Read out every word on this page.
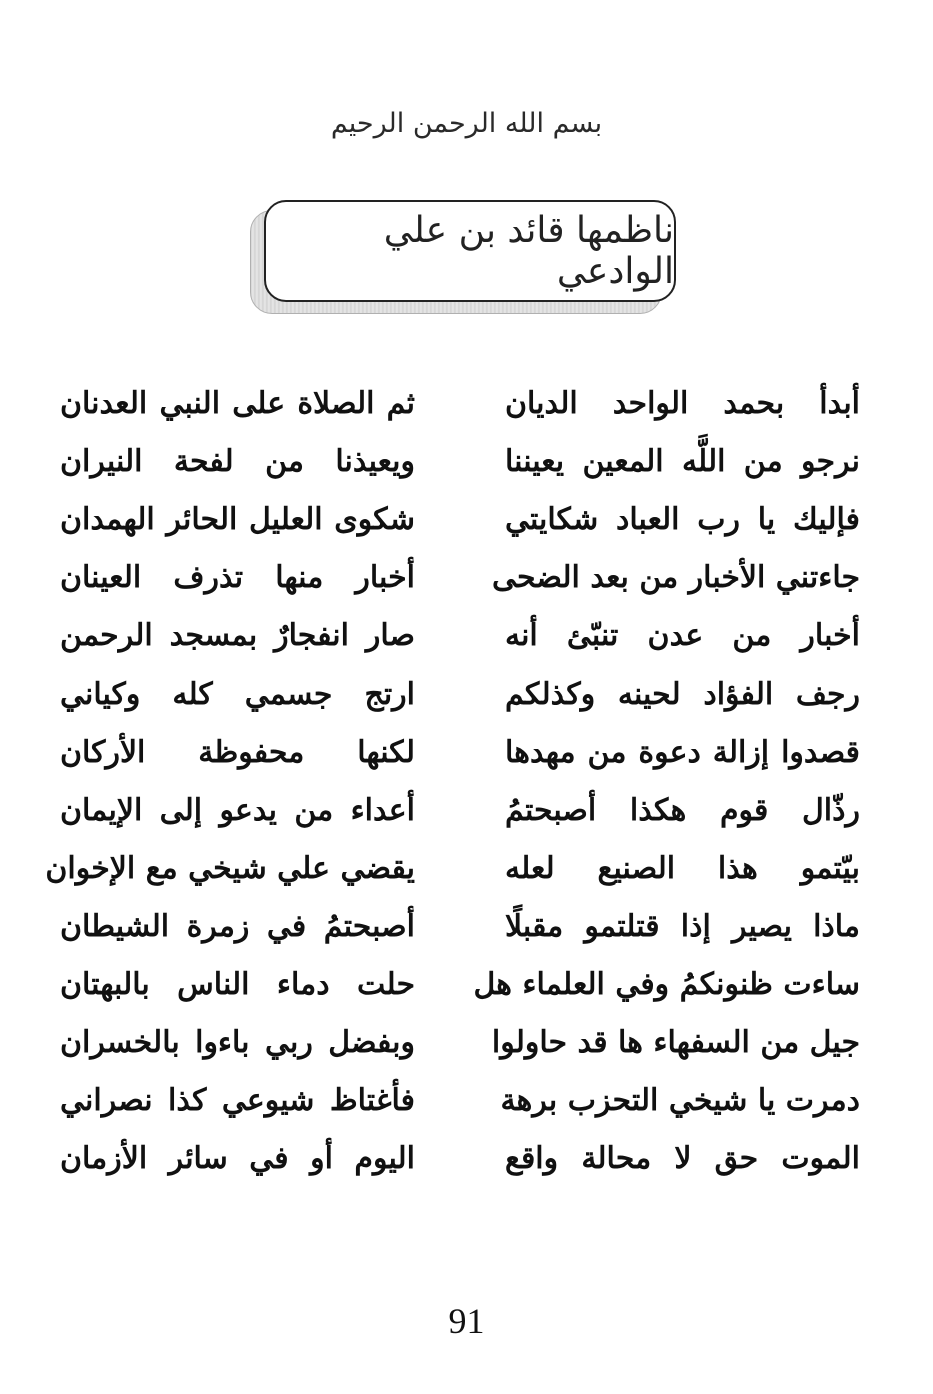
بسم الله الرحمن الرحيم
ناظمها قائد بن علي الوادعي
أبدأ بحمد الواحد الديان
ثم الصلاة على النبي العدنان
نرجو من اللَّه المعين يعيننا
ويعيذنا من لفحة النيران
فإليك يا رب العباد شكايتي
شكوى العليل الحائر الهمدان
جاءتني الأخبار من بعد الضحى
أخبار منها تذرف العينان
أخبار من عدن تنبّئ أنه
صار انفجارٌ بمسجد الرحمن
رجف الفؤاد لحينه وكذلكم
ارتج جسمي كله وكياني
قصدوا إزالة دعوة من مهدها
لكنها محفوظة الأركان
رذّال قوم هكذا أصبحتمُ
أعداء من يدعو إلى الإيمان
بيّتمو هذا الصنيع لعله
يقضي علي شيخي مع الإخوان
ماذا يصير إذا قتلتمو مقبلًا
أصبحتمُ في زمرة الشيطان
ساءت ظنونكمُ وفي العلماء هل
حلت دماء الناس بالبهتان
جيل من السفهاء ها قد حاولوا
وبفضل ربي باءوا بالخسران
دمرت يا شيخي التحزب برهة
فأغتاظ شيوعي كذا نصراني
الموت حق لا محالة واقع
اليوم أو في سائر الأزمان
91
